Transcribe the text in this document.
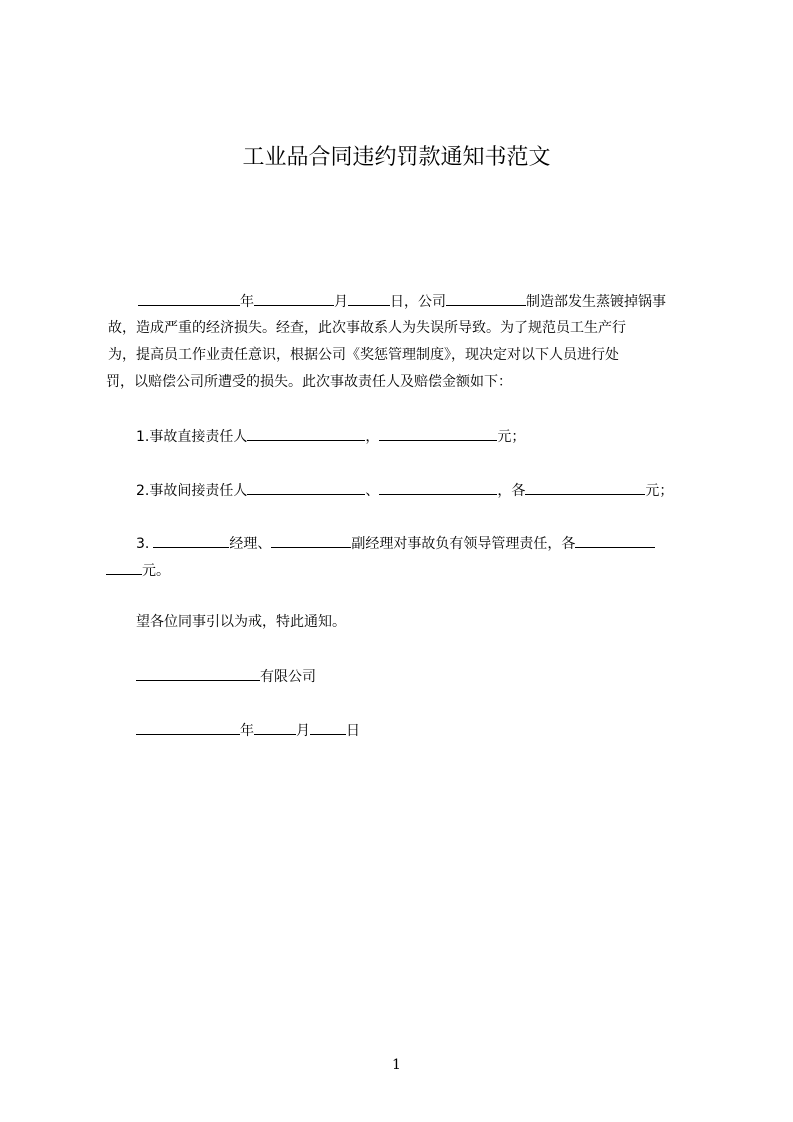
工业品合同违约罚款通知书范文
年	月	日，公司	制造部发生蒸镀掉锅事
故，造成严重的经济损失。经查，此次事故系人为失误所导致。为了规范员工生产行
为，提高员工作业责任意识，根据公司《奖惩管理制度》，现决定对以下人员进行处
罚，以赔偿公司所遭受的损失。此次事故责任人及赔偿金额如下：
1.事故直接责任人	，	元；
2.事故间接责任人	、	，各	元；
3.	经理、	副经理对事故负有领导管理责任，各
元。
望各位同事引以为戒，特此通知。
有限公司
年	月	日
1
